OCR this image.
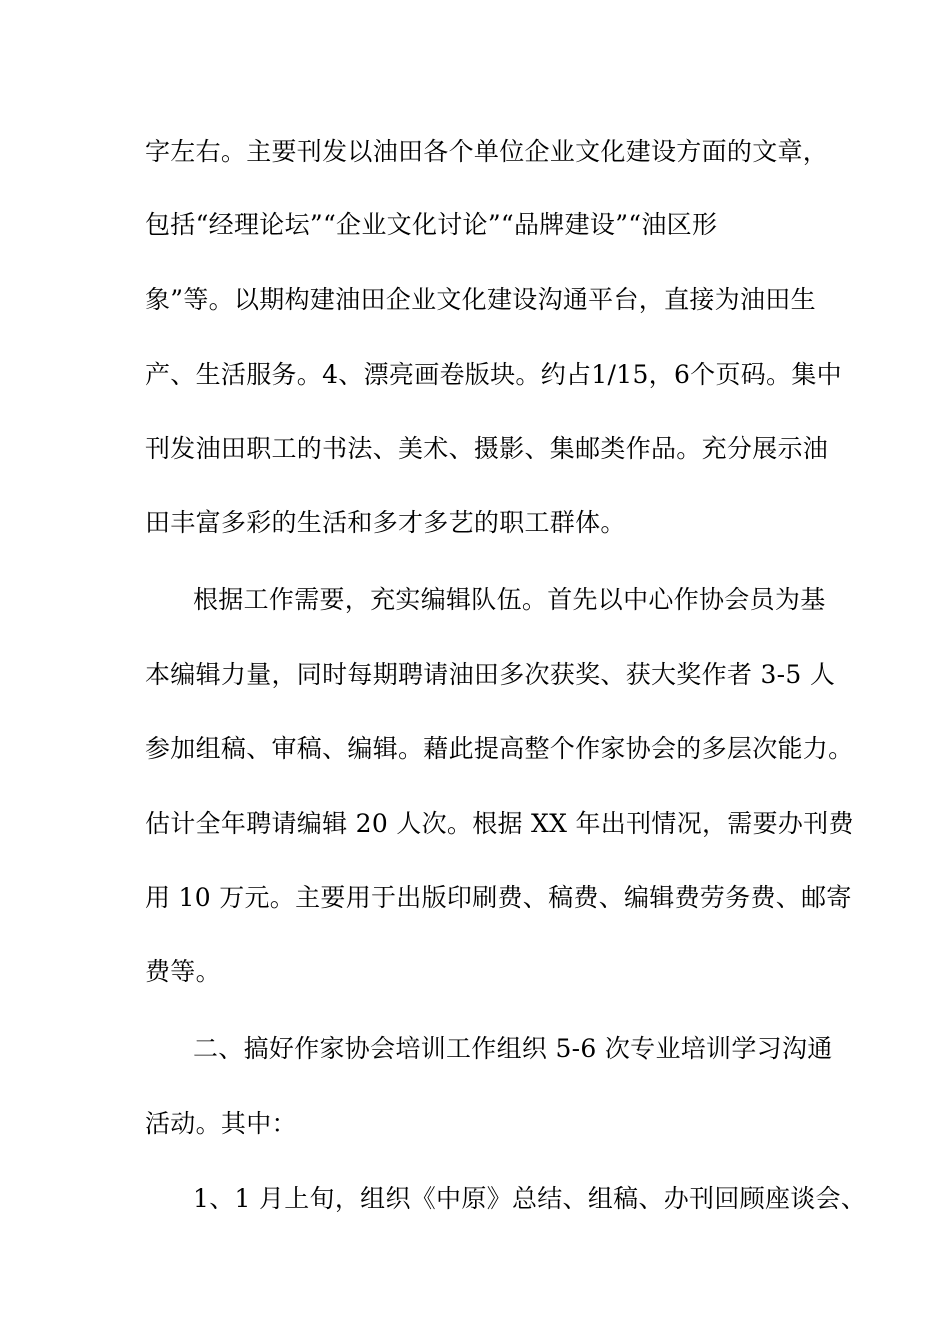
字左右。主要刊发以油田各个单位企业文化建设方面的文章，
包括“经理论坛”“企业文化讨论”“品牌建设”“油区形
象”等。以期构建油田企业文化建设沟通平台，直接为油田生
产、生活服务。4、漂亮画卷版块。约占1/15，6个页码。集中
刊发油田职工的书法、美术、摄影、集邮类作品。充分展示油
田丰富多彩的生活和多才多艺的职工群体。
根据工作需要，充实编辑队伍。首先以中心作协会员为基
本编辑力量，同时每期聘请油田多次获奖、获大奖作者 3-5 人
参加组稿、审稿、编辑。藉此提高整个作家协会的多层次能力。
估计全年聘请编辑 20 人次。根据 XX 年出刊情况，需要办刊费
用 10 万元。主要用于出版印刷费、稿费、编辑费劳务费、邮寄
费等。
二、搞好作家协会培训工作组织 5-6 次专业培训学习沟通
活动。其中：
1、1 月上旬，组织《中原》总结、组稿、办刊回顾座谈会、
